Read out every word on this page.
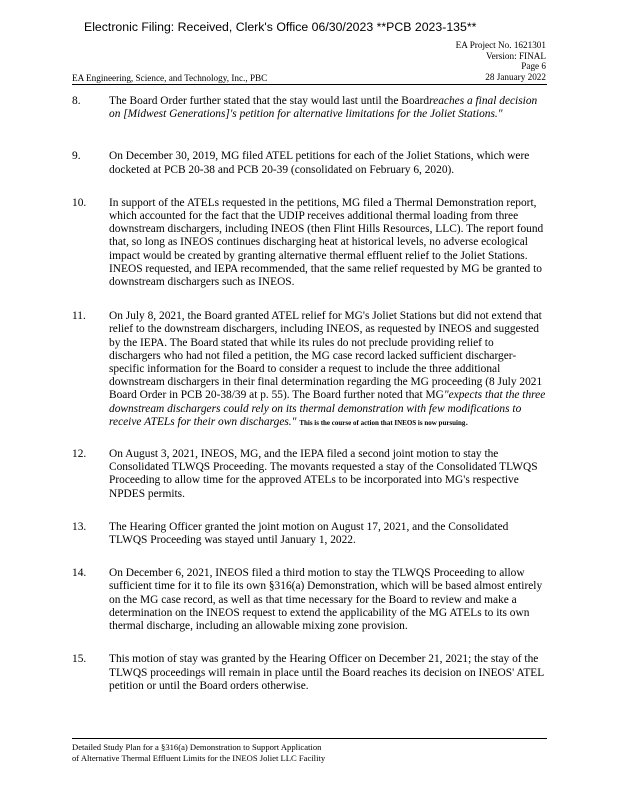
Electronic Filing: Received, Clerk's Office 06/30/2023 **PCB 2023-135**
EA Project No. 1621301
Version: FINAL
Page 6
28 January 2022
EA Engineering, Science, and Technology, Inc., PBC
8.	The Board Order further stated that the stay would last until the Boardreaches a final decision on [Midwest Generations]'s petition for alternative limitations for the Joliet Stations."
9.	On December 30, 2019, MG filed ATEL petitions for each of the Joliet Stations, which were docketed at PCB 20-38 and PCB 20-39 (consolidated on February 6, 2020).
10.	In support of the ATELs requested in the petitions, MG filed a Thermal Demonstration report, which accounted for the fact that the UDIP receives additional thermal loading from three downstream dischargers, including INEOS (then Flint Hills Resources, LLC). The report found that, so long as INEOS continues discharging heat at historical levels, no adverse ecological impact would be created by granting alternative thermal effluent relief to the Joliet Stations. INEOS requested, and IEPA recommended, that the same relief requested by MG be granted to downstream dischargers such as INEOS.
11.	On July 8, 2021, the Board granted ATEL relief for MG's Joliet Stations but did not extend that relief to the downstream dischargers, including INEOS, as requested by INEOS and suggested by the IEPA. The Board stated that while its rules do not preclude providing relief to dischargers who had not filed a petition, the MG case record lacked sufficient discharger-specific information for the Board to consider a request to include the three additional downstream dischargers in their final determination regarding the MG proceeding (8 July 2021 Board Order in PCB 20-38/39 at p. 55). The Board further noted that MG"expects that the three downstream dischargers could rely on its thermal demonstration with few modifications to receive ATELs for their own discharges." This is the course of action that INEOS is now pursuing.
12.	On August 3, 2021, INEOS, MG, and the IEPA filed a second joint motion to stay the Consolidated TLWQS Proceeding. The movants requested a stay of the Consolidated TLWQS Proceeding to allow time for the approved ATELs to be incorporated into MG's respective NPDES permits.
13.	The Hearing Officer granted the joint motion on August 17, 2021, and the Consolidated TLWQS Proceeding was stayed until January 1, 2022.
14.	On December 6, 2021, INEOS filed a third motion to stay the TLWQS Proceeding to allow sufficient time for it to file its own §316(a) Demonstration, which will be based almost entirely on the MG case record, as well as that time necessary for the Board to review and make a determination on the INEOS request to extend the applicability of the MG ATELs to its own thermal discharge, including an allowable mixing zone provision.
15.	This motion of stay was granted by the Hearing Officer on December 21, 2021; the stay of the TLWQS proceedings will remain in place until the Board reaches its decision on INEOS' ATEL petition or until the Board orders otherwise.
Detailed Study Plan for a §316(a) Demonstration to Support Application
of Alternative Thermal Effluent Limits for the INEOS Joliet LLC Facility
